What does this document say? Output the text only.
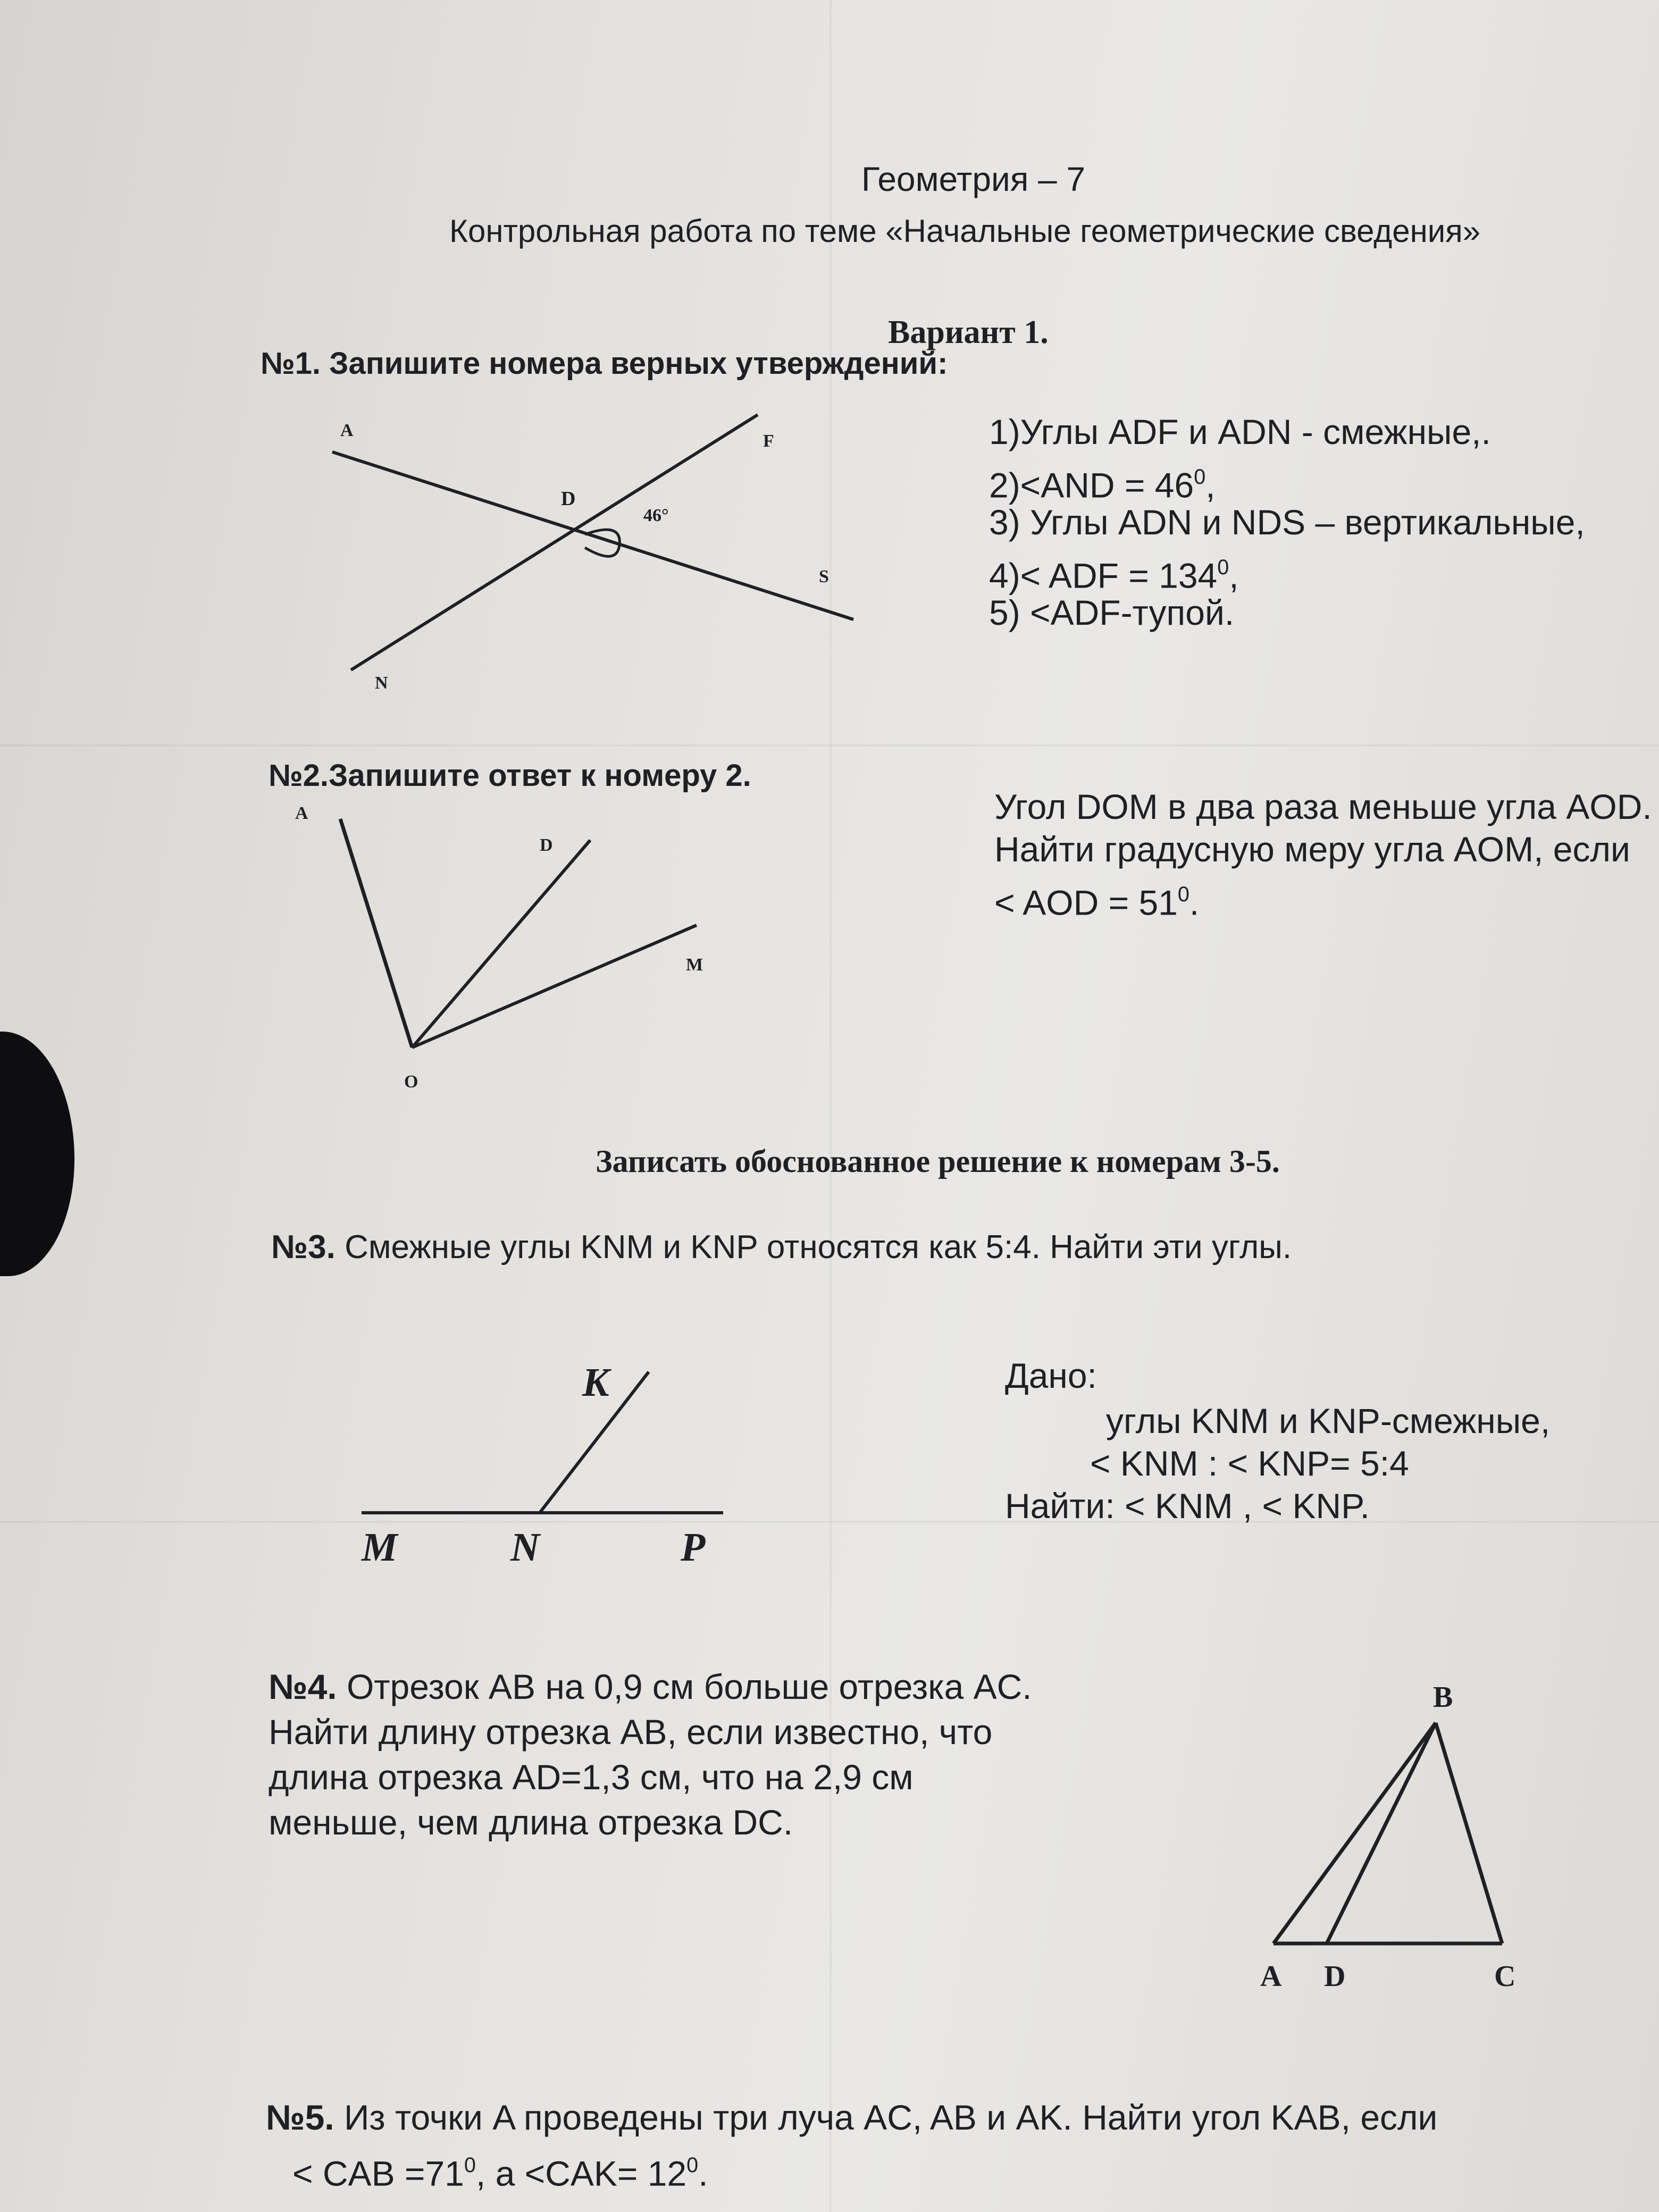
Геометрия – 7
Контрольная работа по теме «Начальные геометрические сведения»
Вариант 1.
№1. Запишите номера верных утверждений:
A
F
D
46°
S
N
1)Углы ADF и ADN - смежные,.
$2)<AND = 46^0$,
3) Углы ADN и NDS – вертикальные,
4)< ADF = $134^0$,
5) <ADF-тупой.
№2.Запишите ответ к номеру 2.
A
D
M
O
Угол DOM в два раза меньше угла AOD.
Найти градусную меру угла AOM, если
< AOD = $51^0$.
Записать обоснованное решение к номерам 3-5.
№3. Смежные углы KNM и KNP относятся как 5:4. Найти эти углы.
K
M	N	P
Дано:
углы KNM и KNP-смежные,
< KNM : < KNP= 5:4
Найти: < KNM , < KNP.
№4. Отрезок AB на 0,9 см больше отрезка AC.
Найти длину отрезка AB, если известно, что
длина отрезка AD=1,3 см, что на 2,9 см
меньше, чем длина отрезка DC.
B
A D	C
№5. Из точки A проведены три луча AC, AB и AK. Найти угол KAB, если
< CAB $=71^0$, $а <CAK= 12^0$.
